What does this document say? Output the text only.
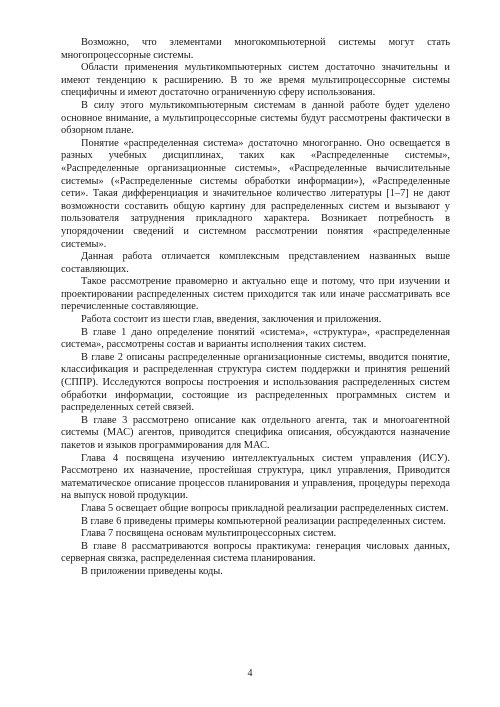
Возможно, что элементами многокомпьютерной системы могут стать многопроцессорные системы.

Области применения мультикомпьютерных систем достаточно значительны и имеют тенденцию к расширению. В то же время мультипроцессорные системы специфичны и имеют достаточно ограниченную сферу использования.

В силу этого мультикомпьютерным системам в данной работе будет уделено основное внимание, а мультипроцессорные системы будут рассмотрены фактически в обзорном плане.

Понятие «распределенная система» достаточно многогранно. Оно освещается в разных учебных дисциплинах, таких как «Распределенные системы», «Распределенные организационные системы», «Распределенные вычислительные системы» («Распределенные системы обработки информации»), «Распределенные сети». Такая дифференциация и значительное количество литературы [1–7] не дают возможности составить общую картину для распределенных систем и вызывают у пользователя затруднения прикладного характера. Возникает потребность в упорядочении сведений и системном рассмотрении понятия «распределенные системы».

Данная работа отличается комплексным представлением названных выше составляющих.

Такое рассмотрение правомерно и актуально еще и потому, что при изучении и проектировании распределенных систем приходится так или иначе рассматривать все перечисленные составляющие.

Работа состоит из шести глав, введения, заключения и приложения.

В главе 1 дано определение понятий «система», «структура», «распределенная система», рассмотрены состав и варианты исполнения таких систем.

В главе 2 описаны распределенные организационные системы, вводится понятие, классификация и распределенная структура систем поддержки и принятия решений (СППР). Исследуются вопросы построения и использования распределенных систем обработки информации, состоящие из распределенных программных систем и распределенных сетей связей.

В главе 3 рассмотрено описание как отдельного агента, так и многоагентной системы (МАС) агентов, приводится специфика описания, обсуждаются назначение пакетов и языков программирования для МАС.

Глава 4 посвящена изучению интеллектуальных систем управления (ИСУ). Рассмотрено их назначение, простейшая структура, цикл управления, Приводится математическое описание процессов планирования и управления, процедуры перехода на выпуск новой продукции.

Глава 5 освещает общие вопросы прикладной реализации распределенных систем.

В главе 6 приведены примеры компьютерной реализации распределенных систем.

Глава 7 посвящена основам мультипроцессорных систем.

В главе 8 рассматриваются вопросы практикума: генерация числовых данных, серверная связка, распределенная система планирования.

В приложении приведены коды.

4
